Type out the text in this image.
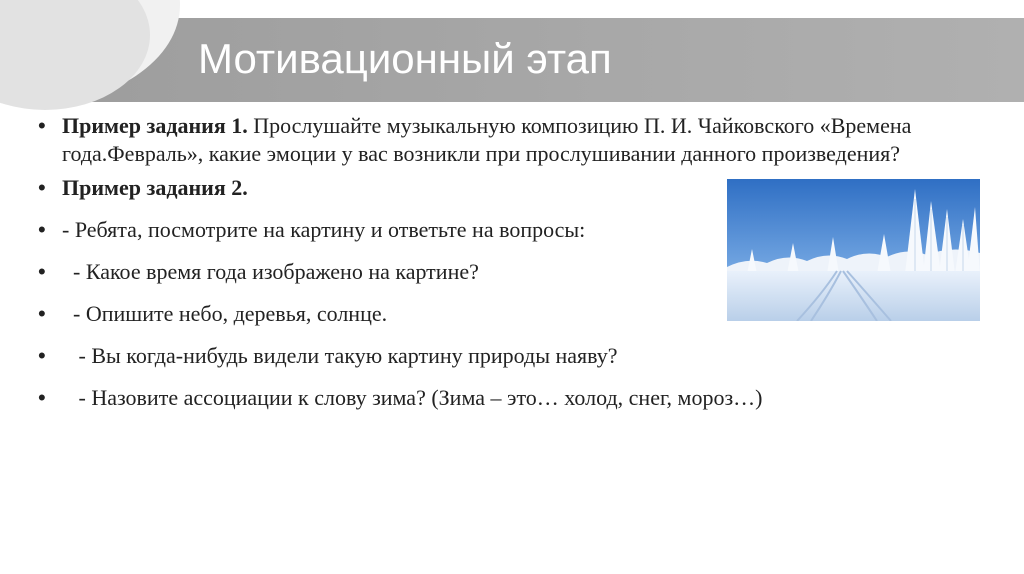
Мотивационный этап
• Пример задания 1. Прослушайте музыкальную композицию П. И. Чайковского «Времена года.Февраль», какие эмоции у вас возникли при прослушивании данного произведения?
• Пример задания 2.
• - Ребята, посмотрите на картину и ответьте на вопросы:
• - Какое время года изображено на картине?
• - Опишите небо, деревья, солнце.
• - Вы когда-нибудь видели такую картину природы наяву?
• - Назовите ассоциации к слову зима? (Зима – это… холод, снег, мороз…)
